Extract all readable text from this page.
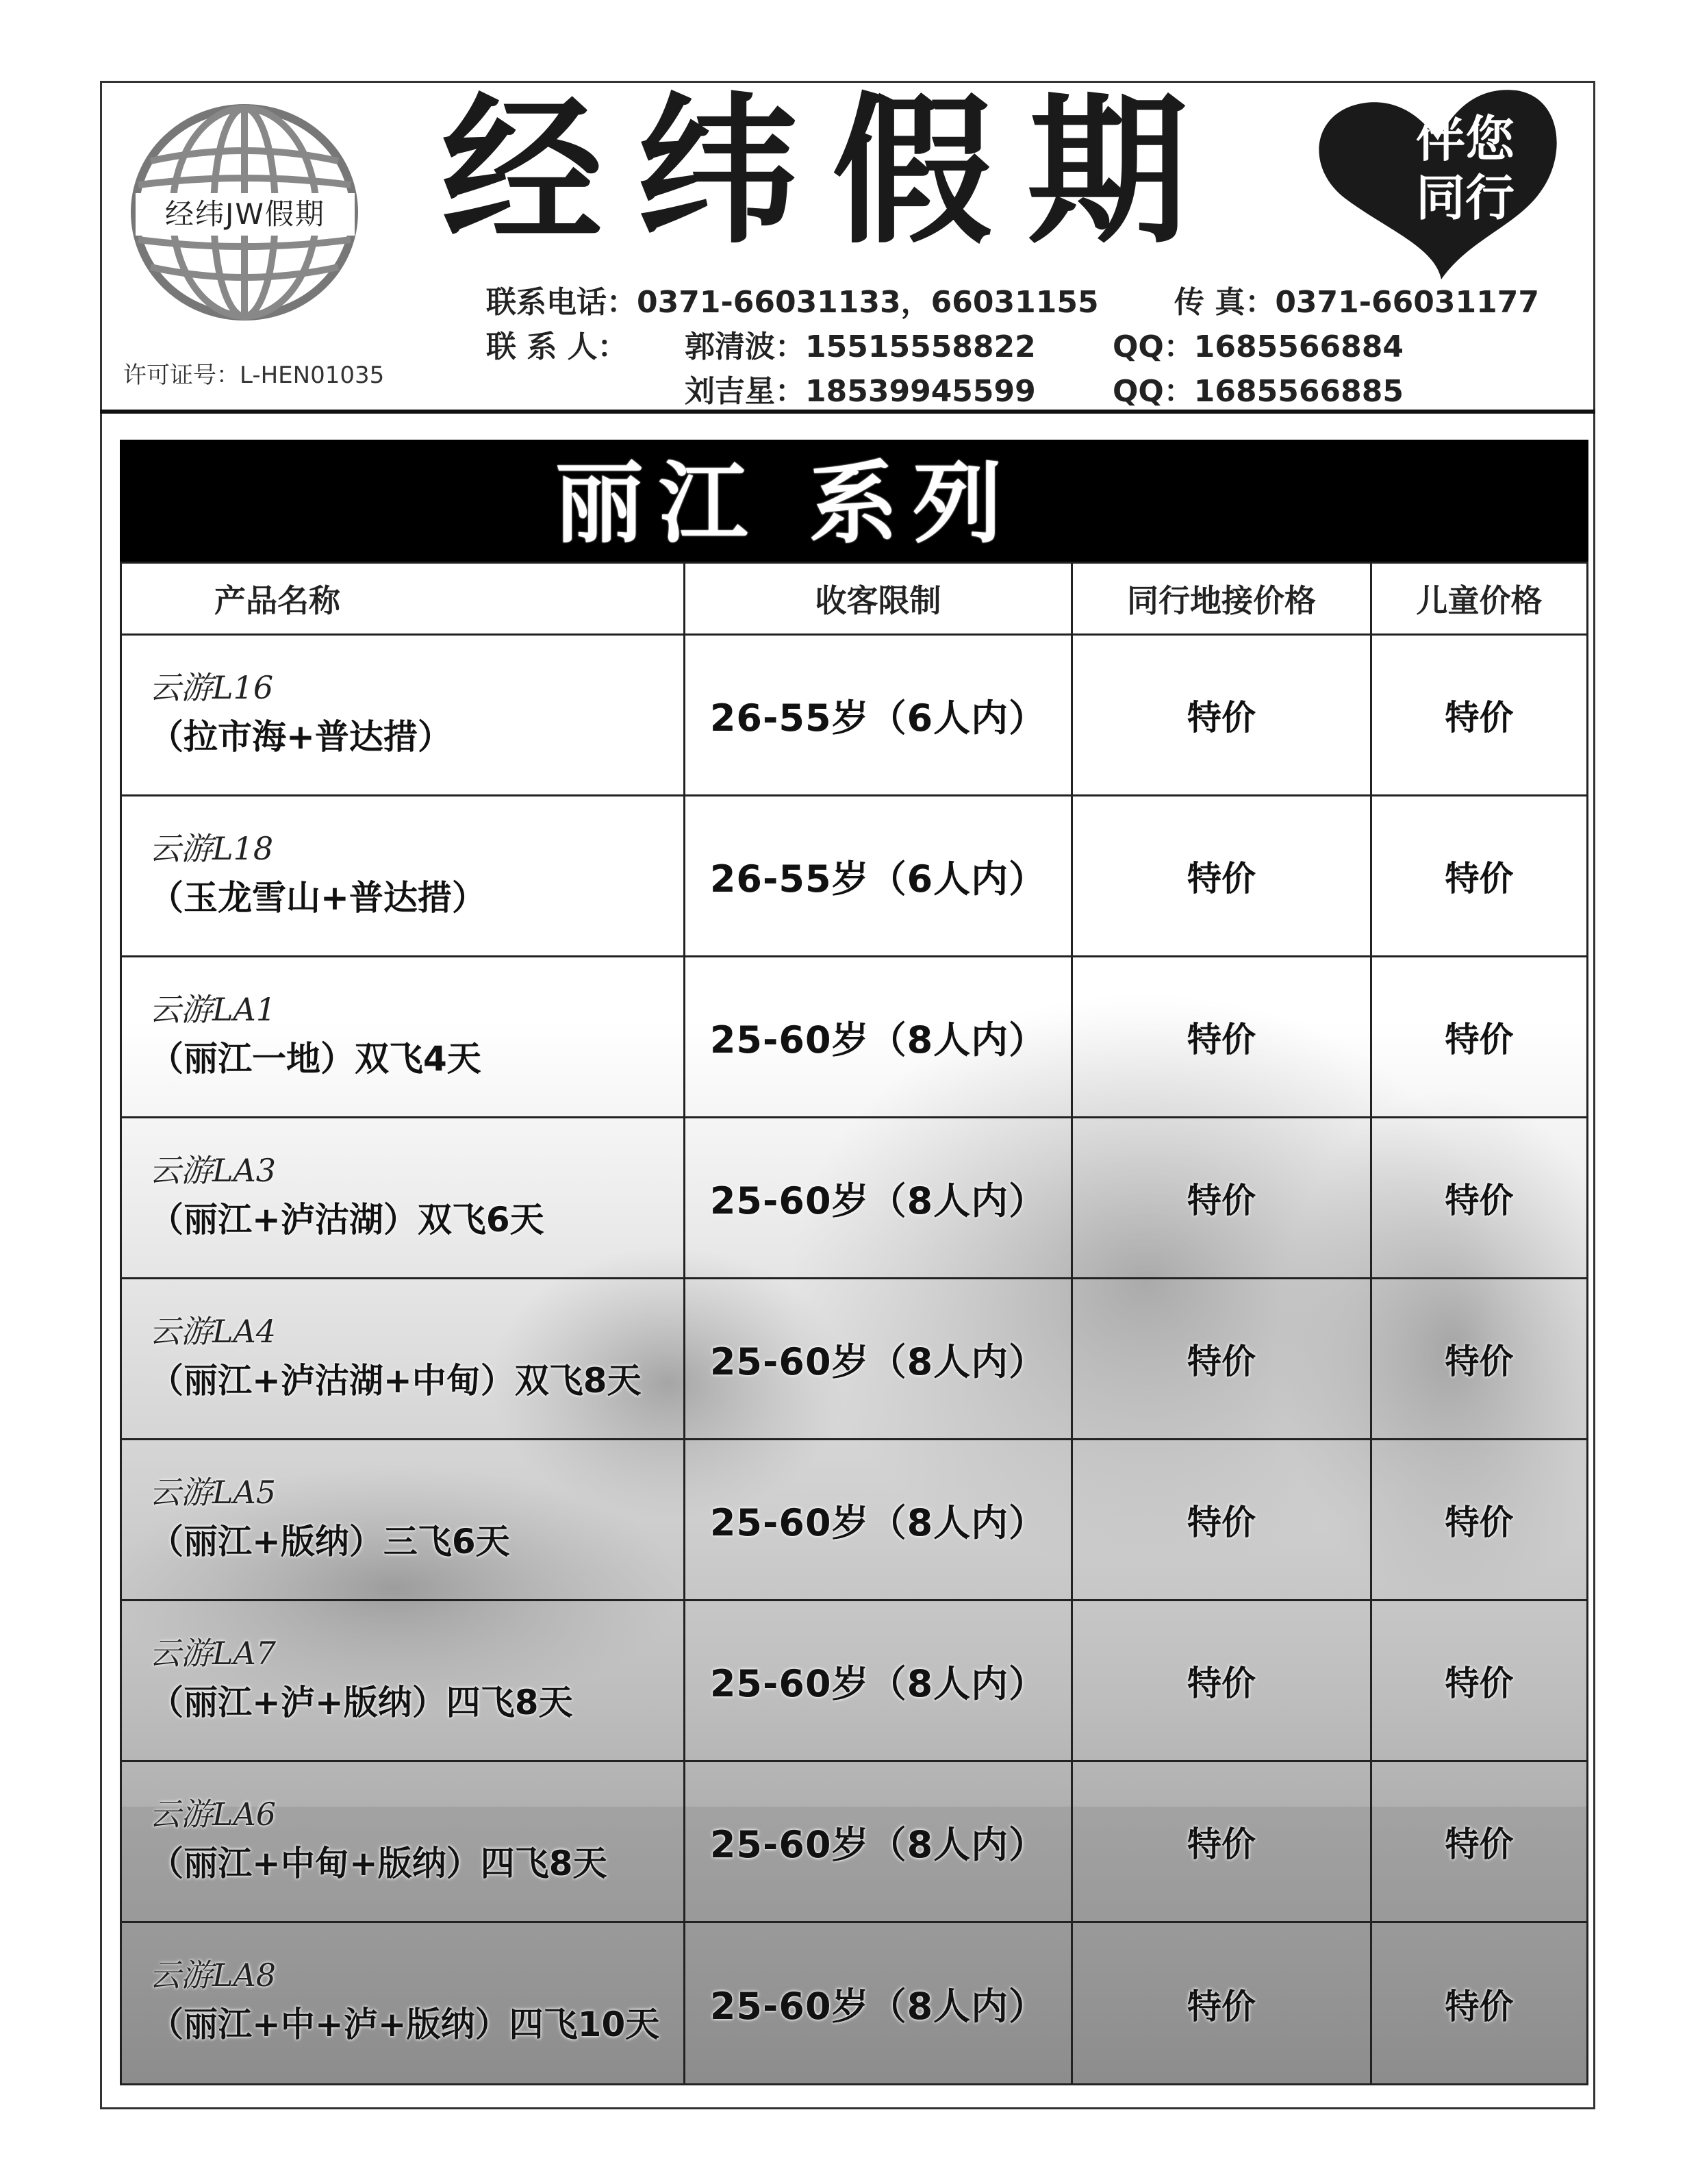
经纬JW假期
许可证号：L-HEN01035
经纬假期	伴您
同行
联系电话：0371-66031133，66031155	传 真：0371-66031177
联 系 人： 郭清波：15515558822	QQ：1685566884
刘吉星：18539945599	QQ：1685566885
丽江 系列
产品名称	收客限制	同行地接价格	儿童价格
云游L16
（拉市海+普达措）	26-55岁（6人内）	特价	特价
云游L18
（玉龙雪山+普达措）	26-55岁（6人内）	特价	特价
云游LA1
（丽江一地）双飞4天	25-60岁（8人内）	特价	特价
云游LA3
（丽江+泸沽湖）双飞6天	25-60岁（8人内）	特价	特价
云游LA4
（丽江+泸沽湖+中甸）双飞8天	25-60岁（8人内）	特价	特价
云游LA5
（丽江+版纳）三飞6天	25-60岁（8人内）	特价	特价
云游LA7
（丽江+泸+版纳）四飞8天	25-60岁（8人内）	特价	特价
云游LA6
（丽江+中甸+版纳）四飞8天	25-60岁（8人内）	特价	特价
云游LA8
（丽江+中+泸+版纳）四飞10天	25-60岁（8人内）	特价	特价
